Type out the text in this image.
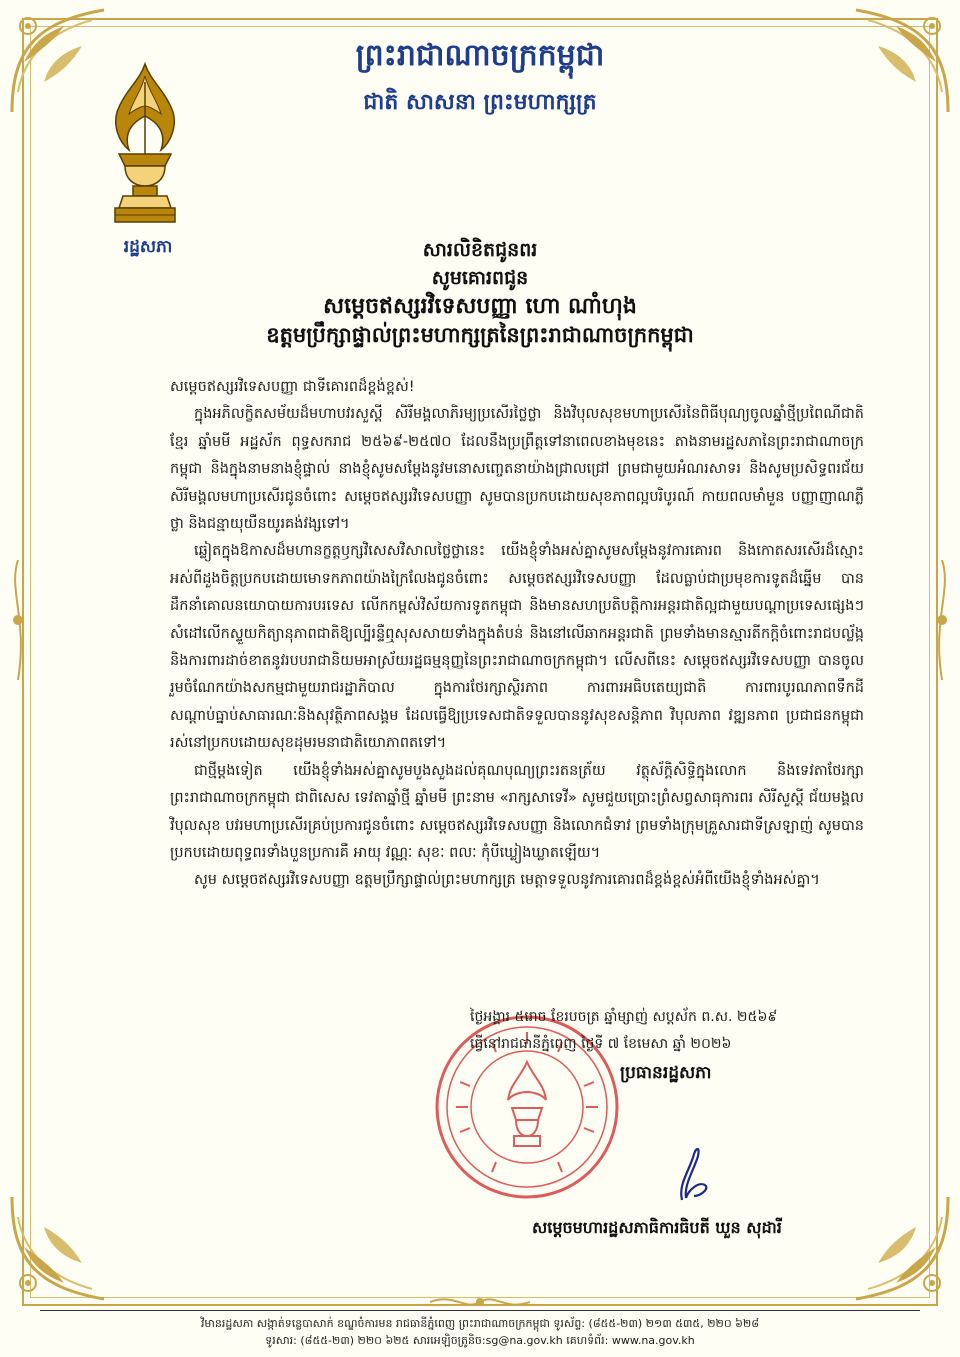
ព្រះរាជាណាចក្រកម្ពុជា
ជាតិ សាសនា ព្រះមហាក្សត្រ
រដ្ឋសភា	សារលិខិតជូនពរ
សូមគោរពជូន
សម្តេចឥស្សរវិទេសបញ្ញា ហោ ណាំហុង
ឧត្តមប្រឹក្សាផ្ទាល់ព្រះមហាក្សត្រនៃព្រះរាជាណាចក្រកម្ពុជា

សម្តេចឥស្សរវិទេសបញ្ញា ជាទីគោរពដ៏ខ្ពង់ខ្ពស់!

ក្នុងអភិលក្ខិតសម័យដ៏មហាបវរសួស្តី សិរីមង្គលាភិរម្យប្រសើរថ្លៃថ្លា និងវិបុលសុខមហាប្រសើរនៃពិធីបុណ្យចូលឆ្នាំថ្មីប្រពៃណីជាតិខ្មែរ ឆ្នាំមមី អដ្ឋស័ក ពុទ្ធសករាជ ២៥៦៩-២៥៧០ ដែលនឹងប្រព្រឹត្តទៅនាពេលខាងមុខនេះ តាងនាមរដ្ឋសភានៃព្រះរាជាណាចក្រកម្ពុជា និងក្នុងនាមនាងខ្ញុំផ្ទាល់ នាងខ្ញុំសូមសម្តែងនូវមនោសញ្ចេតនាយ៉ាងជ្រាលជ្រៅ ព្រមជាមួយអំណរសាទរ និងសូមប្រសិទ្ធពរជ័យ សិរីមង្គលមហាប្រសើរជូនចំពោះ សម្តេចឥស្សរវិទេសបញ្ញា សូមបានប្រកបដោយសុខភាពល្អបរិបូរណ៍ កាយពលមាំមួន បញ្ញាញាណភ្លឺថ្លា និងជន្មាយុយឺនយូរគង់វង្សទៅ។

ឆ្លៀតក្នុងឱកាសដ៏មហានក្ខត្តឫក្សវិសេសវិសាលថ្លៃថ្លានេះ យើងខ្ញុំទាំងអស់គ្នាសូមសម្តែងនូវការគោរព និងកោតសរសើរដ៏ស្មោះអស់ពីដួងចិត្តប្រកបដោយមោទកភាពយ៉ាងក្រៃលែងជូនចំពោះ សម្តេចឥស្សរវិទេសបញ្ញា ដែលធ្លាប់ជាប្រមុខការទូតដ៏ឆ្នើម បានដឹកនាំគោលនយោបាយការបរទេស លើកកម្ពស់វិស័យការទូតកម្ពុជា និងមានសហប្រតិបត្តិការអន្តរជាតិល្អជាមួយបណ្តាប្រទេសផ្សេងៗ សំដៅលើកស្ទួយកិត្យានុភាពជាតិឱ្យល្បីរន្ទឺឮសុសសាយទាំងក្នុងតំបន់ និងនៅលើឆាកអន្តរជាតិ ព្រមទាំងមានស្មារតីកក្តិចំពោះរាជបល្ល័ង្ក និងការពារដាច់ខាតនូវរបបរាជានិយមអាស្រ័យរដ្ឋធម្មនុញ្ញនៃព្រះរាជាណាចក្រកម្ពុជា។ លើសពីនេះ សម្តេចឥស្សរវិទេសបញ្ញា បានចូលរួមចំណែកយ៉ាងសកម្មជាមួយរាជរដ្ឋាភិបាល ក្នុងការថែរក្សាស្ថិរភាព ការពារអធិបតេយ្យជាតិ ការពារបូរណភាពទឹកដី សណ្តាប់ធ្នាប់សាធារណៈនិងសុវត្ថិភាពសង្គម ដែលធ្វើឱ្យប្រទេសជាតិទទួលបាននូវសុខសន្តិភាព វិបុលភាព វឌ្ឍនភាព ប្រជាជនកម្ពុជារស់នៅប្រកបដោយសុខដុមរមនាជាតិយោភាពតទៅ។

ជាថ្មីម្តងទៀត យើងខ្ញុំទាំងអស់គ្នាសូមបួងសួងដល់គុណបុណ្យព្រះរតនត្រ័យ វត្ថុស័ក្តិសិទ្ធិក្នុងលោក និងទេវតាថែរក្សាព្រះរាជាណាចក្រកម្ពុជា ជាពិសេស ទេវតាឆ្នាំថ្មី ឆ្នាំមមី ព្រះនាម «រាក្សសាទេវី» សូមជួយប្រោះព្រំសព្វសាធុការពរ សិរីសួស្តី ជ័យមង្គល វិបុលសុខ បវរមហាប្រសើរគ្រប់ប្រការជូនចំពោះ សម្តេចឥស្សរវិទេសបញ្ញា និងលោកជំទាវ ព្រមទាំងក្រុមគ្រួសារជាទីស្រឡាញ់ សូមបានប្រកបដោយពុទ្ធពរទាំងបួនប្រការគឺ អាយុ វណ្ណៈ សុខៈ ពលៈ កុំបីឃ្លៀងឃ្លាតឡើយ។

សូម សម្តេចឥស្សរវិទេសបញ្ញា ឧត្តមប្រឹក្សាផ្ទាល់ព្រះមហាក្សត្រ មេត្តាទទួលនូវការគោរពដ៏ខ្ពង់ខ្ពស់អំពីយើងខ្ញុំទាំងអស់គ្នា។

ថ្ងៃអង្គារ ៥រោច ខែរបចត្រ ឆ្នាំម្សាញ់ សប្តស័ក ព.ស. ២៥៦៩
ធ្វើនៅរាជធានីភ្នំពេញ ថ្ងៃទី ៧ ខែមេសា ឆ្នាំ ២០២៦
ប្រធានរដ្ឋសភា
សម្តេចមហារដ្ឋសភាធិការធិបតី ឃួន សុដារី
វិមានរដ្ឋសភា សង្កាត់ទន្លេបាសាក់ ខណ្ឌចំការមន រាជធានីភ្នំពេញ ព្រះរាជាណាចក្រកម្ពុជា ទូរស័ព្ទ: (៨៥៥-២៣) ២១៣ ៥៣៥, ២២០ ៦២៨
ទូរសារ: (៨៥៥-២៣) ២២០ ៦២៥ សារអេឡិចត្រូនិច:sg@na.gov.kh គេហទំព័រ: www.na.gov.kh
